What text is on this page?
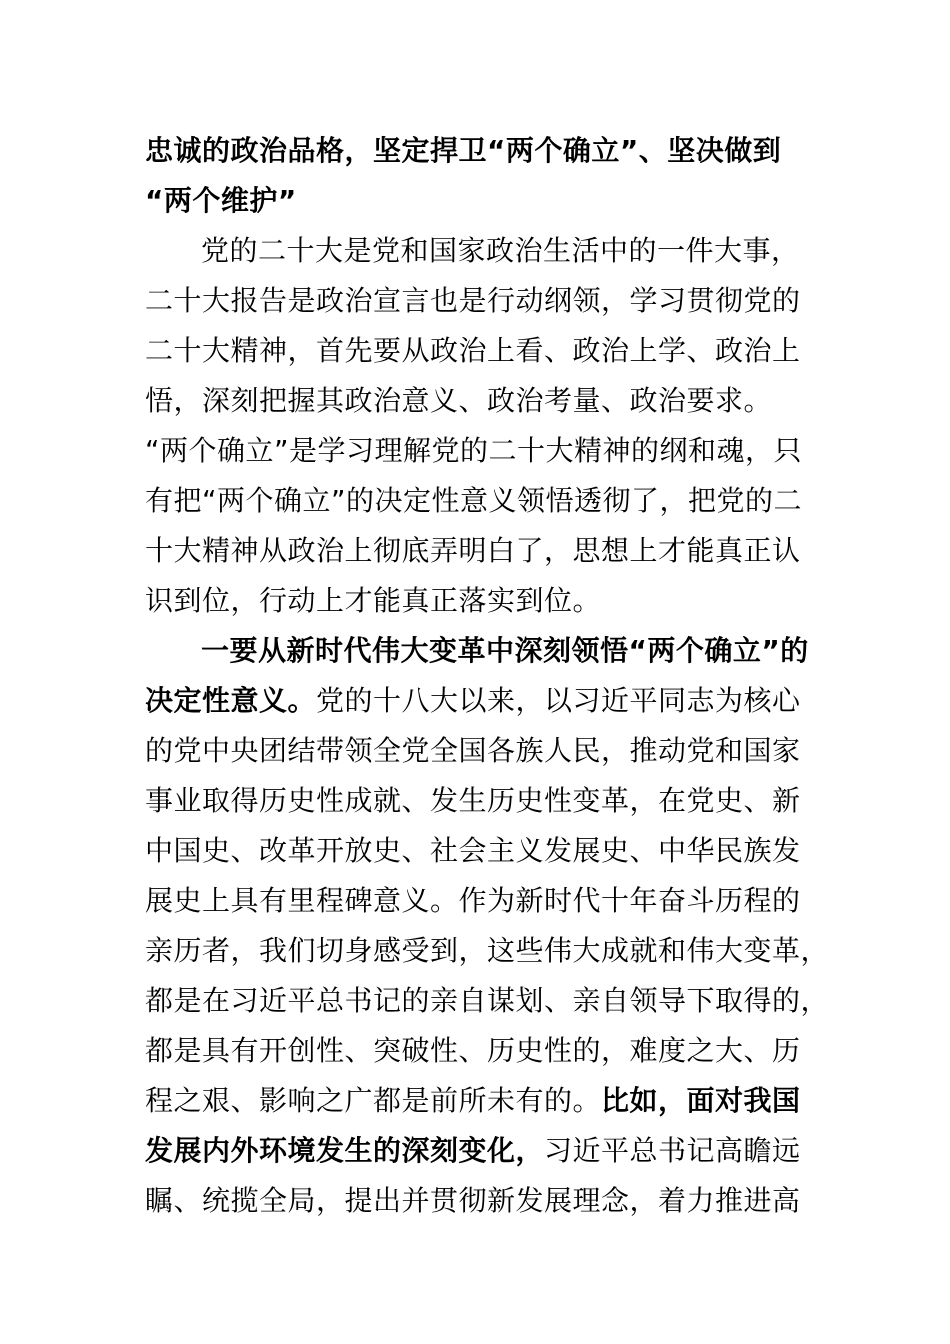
忠诚的政治品格，坚定捍卫“两个确立”、坚决做到
“两个维护”
党的二十大是党和国家政治生活中的一件大事，
二十大报告是政治宣言也是行动纲领，学习贯彻党的
二十大精神，首先要从政治上看、政治上学、政治上
悟，深刻把握其政治意义、政治考量、政治要求。
“两个确立”是学习理解党的二十大精神的纲和魂，只
有把“两个确立”的决定性意义领悟透彻了，把党的二
十大精神从政治上彻底弄明白了，思想上才能真正认
识到位，行动上才能真正落实到位。
一要从新时代伟大变革中深刻领悟“两个确立”的
决定性意义。党的十八大以来，以习近平同志为核心
的党中央团结带领全党全国各族人民，推动党和国家
事业取得历史性成就、发生历史性变革，在党史、新
中国史、改革开放史、社会主义发展史、中华民族发
展史上具有里程碑意义。作为新时代十年奋斗历程的
亲历者，我们切身感受到，这些伟大成就和伟大变革，
都是在习近平总书记的亲自谋划、亲自领导下取得的，
都是具有开创性、突破性、历史性的，难度之大、历
程之艰、影响之广都是前所未有的。比如，面对我国
发展内外环境发生的深刻变化，习近平总书记高瞻远
瞩、统揽全局，提出并贯彻新发展理念，着力推进高
